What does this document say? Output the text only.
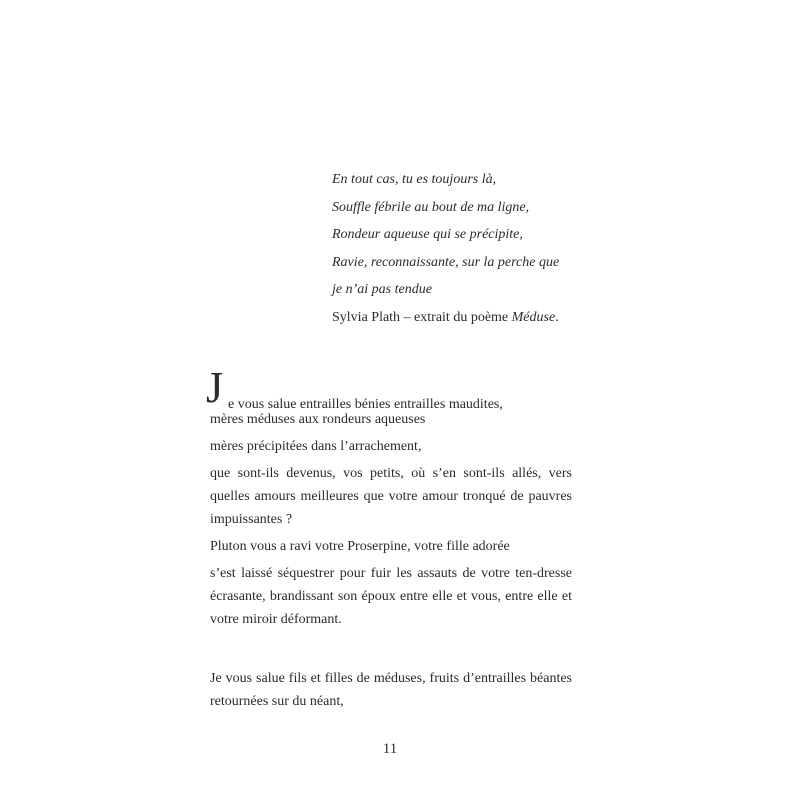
En tout cas, tu es toujours là,
Souffle fébrile au bout de ma ligne,
Rondeur aqueuse qui se précipite,
Ravie, reconnaissante, sur la perche que
je n’ai pas tendue
Sylvia Plath – extrait du poème Méduse.
J e vous salue entrailles bénies entrailles maudites,

mères méduses aux rondeurs aqueuses

mères précipitées dans l’arrachement,

que sont-ils devenus, vos petits, où s’en sont-ils allés, vers quelles amours meilleures que votre amour tronqué de pauvres impuissantes ?

Pluton vous a ravi votre Proserpine, votre fille adorée

s’est laissé séquestrer pour fuir les assauts de votre ten-dresse écrasante, brandissant son époux entre elle et vous, entre elle et votre miroir déformant.

Je vous salue fils et filles de méduses, fruits d’entrailles béantes retournées sur du néant,

11
